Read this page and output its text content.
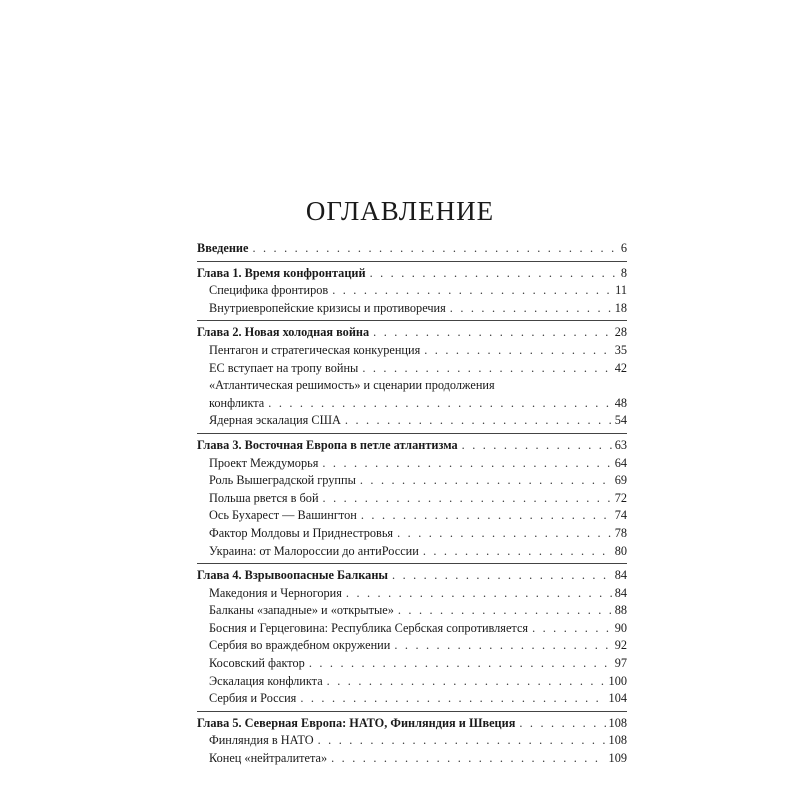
ОГЛАВЛЕНИЕ
Введение . . .	6
Глава 1. Время конфронтаций . . .	8
Специфика фронтиров . . .	11
Внутриевропейские кризисы и противоречия . . .	18
Глава 2. Новая холодная война . . .	28
Пентагон и стратегическая конкуренция . . .	35
ЕС вступает на тропу войны . . .	42
«Атлантическая решимость» и сценарии продолжения
конфликта . . .	48
Ядерная эскалация США . . .	54
Глава 3. Восточная Европа в петле атлантизма . . .	63
Проект Междуморья . . .	64
Роль Вышеградской группы . . .	69
Польша рвется в бой . . .	72
Ось Бухарест — Вашингтон . . .	74
Фактор Молдовы и Приднестровья . . .	78
Украина: от Малороссии до антиРоссии . . .	80
Глава 4. Взрывоопасные Балканы . . .	84
Македония и Черногория . . .	84
Балканы «западные» и «открытые» . . .	88
Босния и Герцеговина: Республика Сербская сопротивляется . . .	90
Сербия во враждебном окружении . . .	92
Косовский фактор . . .	97
Эскалация конфликта . . .	100
Сербия и Россия . . .	104
Глава 5. Северная Европа: НАТО, Финляндия и Швеция . . .	108
Финляндия в НАТО . . .	108
Конец «нейтралитета» . . .	109
